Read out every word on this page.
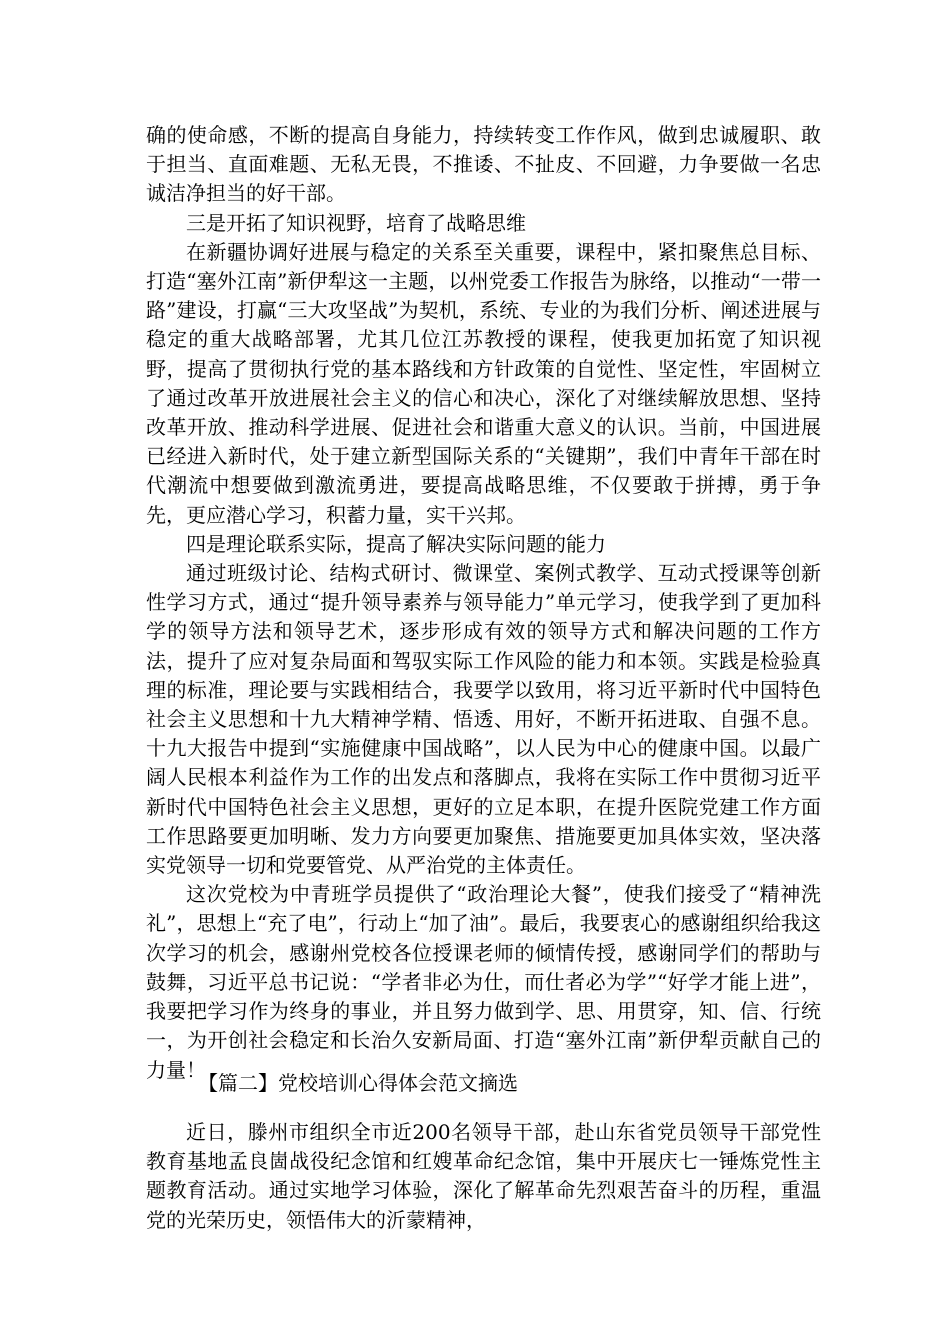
确的使命感，不断的提高自身能力，持续转变工作作风，做到忠诚履职、敢于担当、直面难题、无私无畏，不推诿、不扯皮、不回避，力争要做一名忠诚洁净担当的好干部。

三是开拓了知识视野，培育了战略思维

在新疆协调好进展与稳定的关系至关重要，课程中，紧扣聚焦总目标、打造“塞外江南”新伊犁这一主题，以州党委工作报告为脉络，以推动“一带一路”建设，打赢“三大攻坚战”为契机，系统、专业的为我们分析、阐述进展与稳定的重大战略部署，尤其几位江苏教授的课程，使我更加拓宽了知识视野，提高了贯彻执行党的基本路线和方针政策的自觉性、坚定性，牢固树立了通过改革开放进展社会主义的信心和决心，深化了对继续解放思想、坚持改革开放、推动科学进展、促进社会和谐重大意义的认识。当前，中国进展已经进入新时代，处于建立新型国际关系的“关键期”，我们中青年干部在时代潮流中想要做到激流勇进，要提高战略思维，不仅要敢于拼搏，勇于争先，更应潜心学习，积蓄力量，实干兴邦。

四是理论联系实际，提高了解决实际问题的能力

通过班级讨论、结构式研讨、微课堂、案例式教学、互动式授课等创新性学习方式，通过“提升领导素养与领导能力”单元学习，使我学到了更加科学的领导方法和领导艺术，逐步形成有效的领导方式和解决问题的工作方法，提升了应对复杂局面和驾驭实际工作风险的能力和本领。实践是检验真理的标准，理论要与实践相结合，我要学以致用，将习近平新时代中国特色社会主义思想和十九大精神学精、悟透、用好，不断开拓进取、自强不息。十九大报告中提到“实施健康中国战略”，以人民为中心的健康中国。以最广阔人民根本利益作为工作的出发点和落脚点，我将在实际工作中贯彻习近平新时代中国特色社会主义思想，更好的立足本职，在提升医院党建工作方面工作思路要更加明晰、发力方向要更加聚焦、措施要更加具体实效，坚决落实党领导一切和党要管党、从严治党的主体责任。

这次党校为中青班学员提供了“政治理论大餐”，使我们接受了“精神洗礼”，思想上“充了电”，行动上“加了油”。最后，我要衷心的感谢组织给我这次学习的机会，感谢州党校各位授课老师的倾情传授，感谢同学们的帮助与鼓舞，习近平总书记说：“学者非必为仕，而仕者必为学”“好学才能上进”，我要把学习作为终身的事业，并且努力做到学、思、用贯穿，知、信、行统一，为开创社会稳定和长治久安新局面、打造“塞外江南”新伊犁贡献自己的力量！

【篇二】党校培训心得体会范文摘选

近日，滕州市组织全市近200名领导干部，赴山东省党员领导干部党性教育基地孟良崮战役纪念馆和红嫂革命纪念馆，集中开展庆七一锤炼党性主题教育活动。通过实地学习体验，深化了解革命先烈艰苦奋斗的历程，重温党的光荣历史，领悟伟大的沂蒙精神，
